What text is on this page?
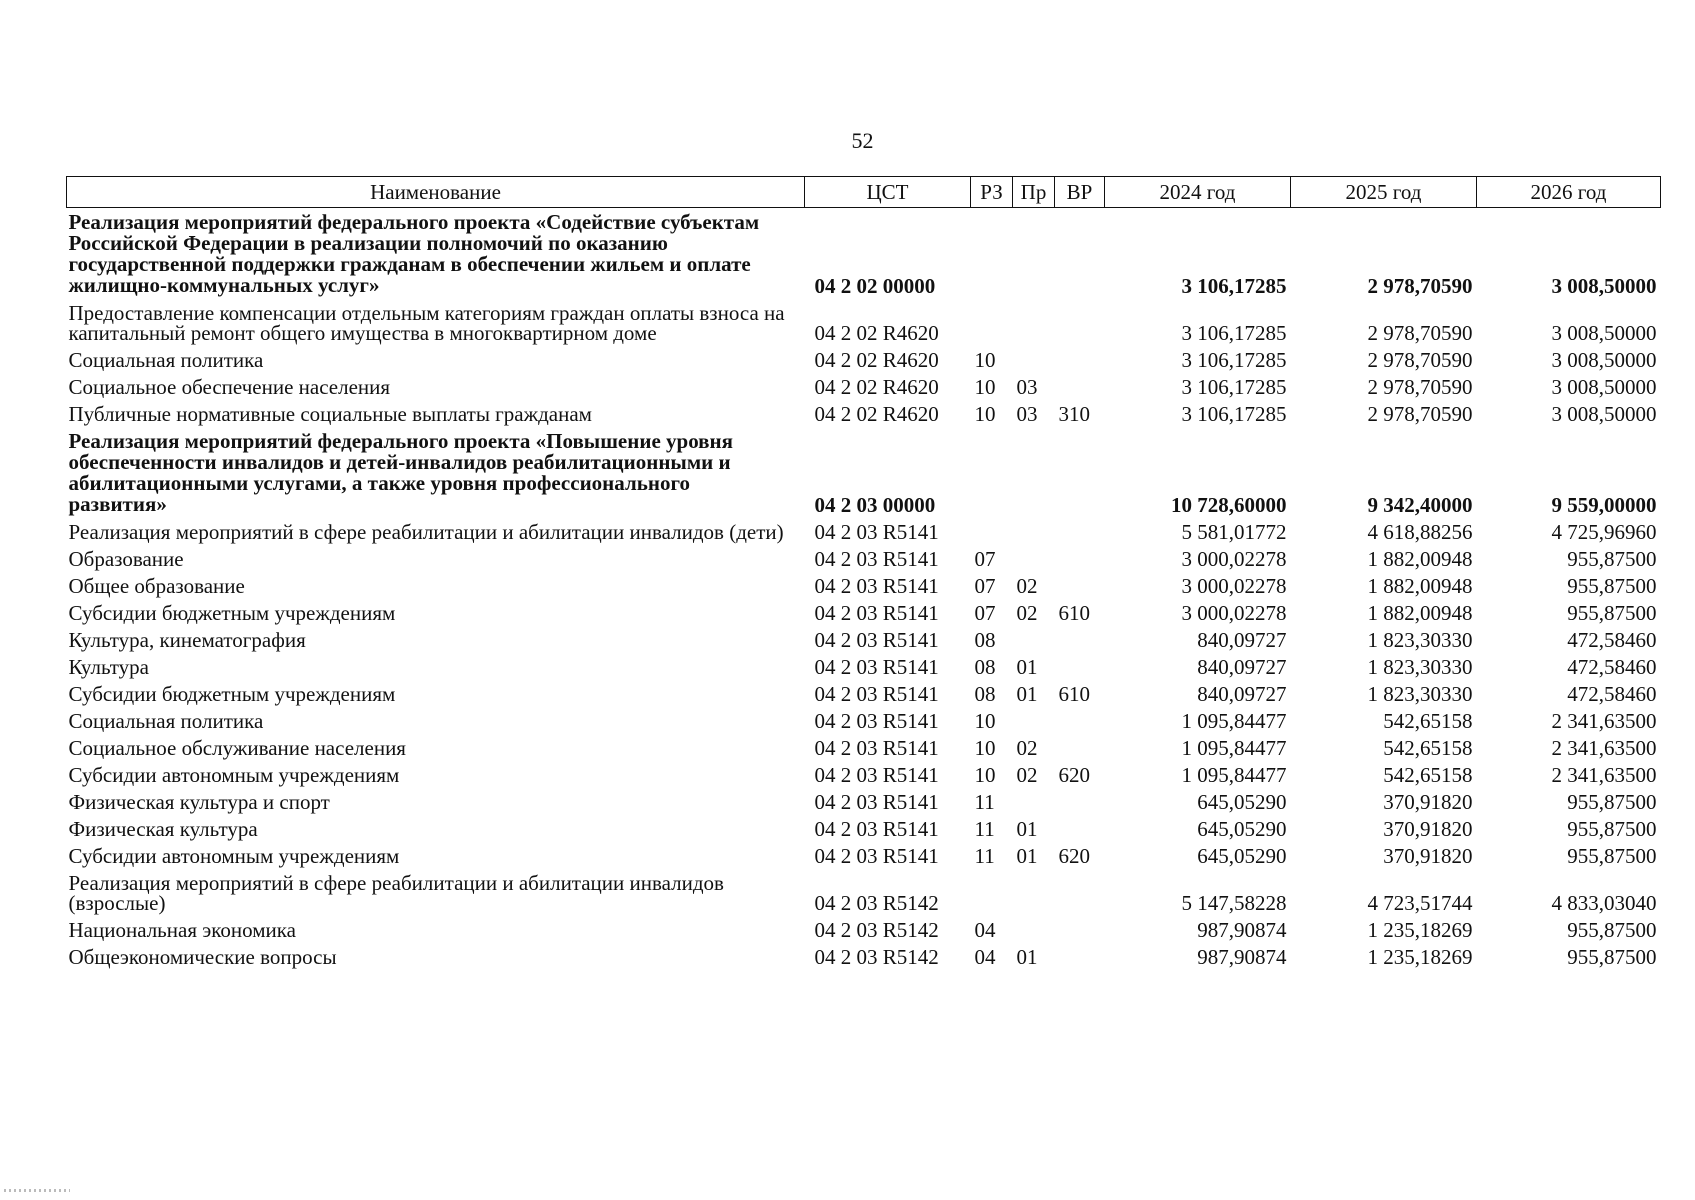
52
Наименование	ЦСТ	РЗ	Пр	ВР	2024 год	2025 год	2026 год
Реализация мероприятий федерального проекта «Содействие субъектам Российской Федерации в реализации полномочий по оказанию государственной поддержки гражданам в обеспечении жильем и оплате жилищно-коммунальных услуг»	04 2 02 00000				3 106,17285	2 978,70590	3 008,50000
Предоставление компенсации отдельным категориям граждан оплаты взноса на капитальный ремонт общего имущества в многоквартирном доме	04 2 02 R4620				3 106,17285	2 978,70590	3 008,50000
Социальная политика	04 2 02 R4620	10			3 106,17285	2 978,70590	3 008,50000
Социальное обеспечение населения	04 2 02 R4620	10	03		3 106,17285	2 978,70590	3 008,50000
Публичные нормативные социальные выплаты гражданам	04 2 02 R4620	10	03	310	3 106,17285	2 978,70590	3 008,50000
Реализация мероприятий федерального проекта «Повышение уровня обеспеченности инвалидов и детей-инвалидов реабилитационными и абилитационными услугами, а также уровня профессионального развития»	04 2 03 00000				10 728,60000	9 342,40000	9 559,00000
Реализация мероприятий в сфере реабилитации и абилитации инвалидов (дети)	04 2 03 R5141				5 581,01772	4 618,88256	4 725,96960
Образование	04 2 03 R5141	07			3 000,02278	1 882,00948	955,87500
Общее образование	04 2 03 R5141	07	02		3 000,02278	1 882,00948	955,87500
Субсидии бюджетным учреждениям	04 2 03 R5141	07	02	610	3 000,02278	1 882,00948	955,87500
Культура, кинематография	04 2 03 R5141	08			840,09727	1 823,30330	472,58460
Культура	04 2 03 R5141	08	01		840,09727	1 823,30330	472,58460
Субсидии бюджетным учреждениям	04 2 03 R5141	08	01	610	840,09727	1 823,30330	472,58460
Социальная политика	04 2 03 R5141	10			1 095,84477	542,65158	2 341,63500
Социальное обслуживание населения	04 2 03 R5141	10	02		1 095,84477	542,65158	2 341,63500
Субсидии автономным учреждениям	04 2 03 R5141	10	02	620	1 095,84477	542,65158	2 341,63500
Физическая культура и спорт	04 2 03 R5141	11			645,05290	370,91820	955,87500
Физическая культура	04 2 03 R5141	11	01		645,05290	370,91820	955,87500
Субсидии автономным учреждениям	04 2 03 R5141	11	01	620	645,05290	370,91820	955,87500
Реализация мероприятий в сфере реабилитации и абилитации инвалидов (взрослые)	04 2 03 R5142				5 147,58228	4 723,51744	4 833,03040
Национальная экономика	04 2 03 R5142	04			987,90874	1 235,18269	955,87500
Общеэкономические вопросы	04 2 03 R5142	04	01		987,90874	1 235,18269	955,87500
